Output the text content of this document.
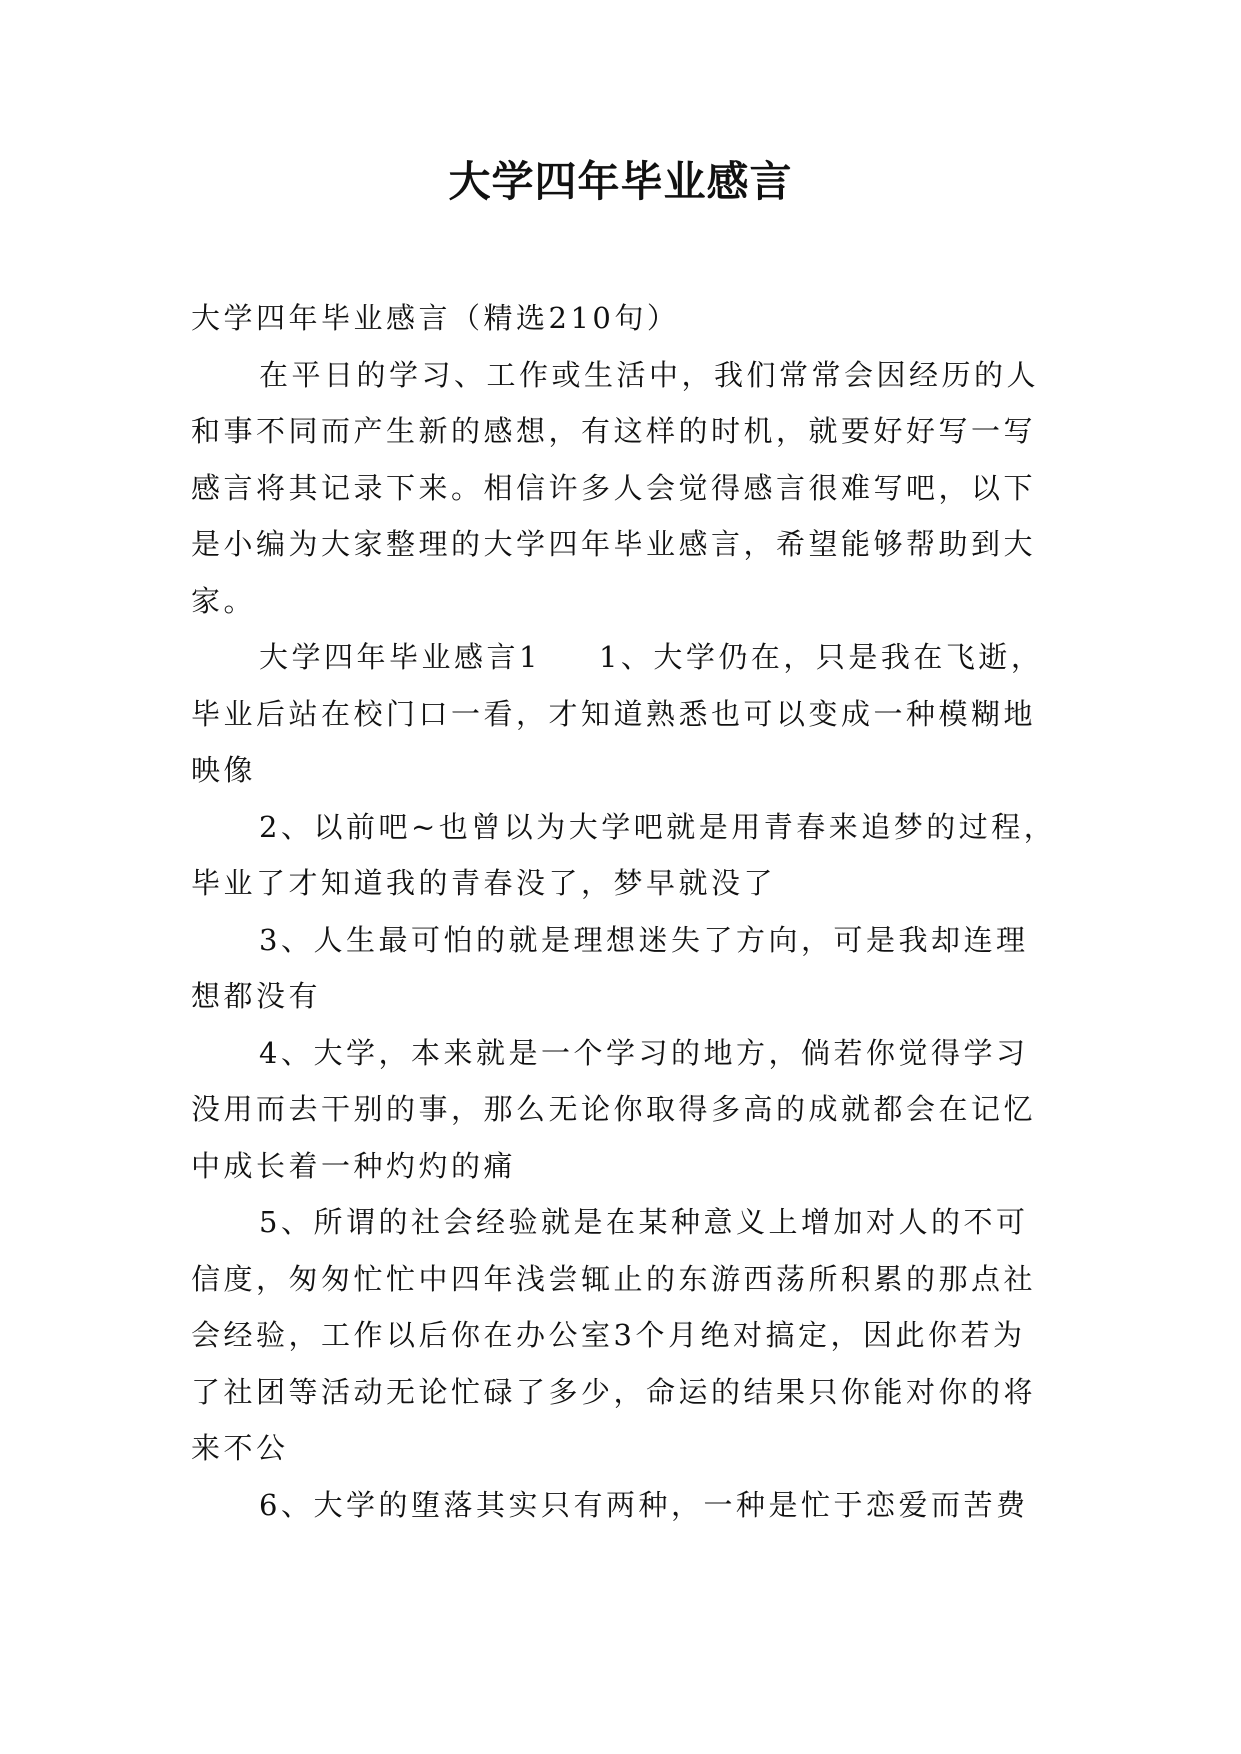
大学四年毕业感言
大学四年毕业感言（精选210句）
在平日的学习、工作或生活中，我们常常会因经历的人
和事不同而产生新的感想，有这样的时机，就要好好写一写
感言将其记录下来。相信许多人会觉得感言很难写吧，以下
是小编为大家整理的大学四年毕业感言，希望能够帮助到大
家。
大学四年毕业感言1 1、大学仍在，只是我在飞逝，
毕业后站在校门口一看，才知道熟悉也可以变成一种模糊地
映像
2、以前吧~也曾以为大学吧就是用青春来追梦的过程，
毕业了才知道我的青春没了，梦早就没了
3、人生最可怕的就是理想迷失了方向，可是我却连理
想都没有
4、大学，本来就是一个学习的地方，倘若你觉得学习
没用而去干别的事，那么无论你取得多高的成就都会在记忆
中成长着一种灼灼的痛
5、所谓的社会经验就是在某种意义上增加对人的不可
信度，匆匆忙忙中四年浅尝辄止的东游西荡所积累的那点社
会经验，工作以后你在办公室3个月绝对搞定，因此你若为
了社团等活动无论忙碌了多少，命运的结果只你能对你的将
来不公
6、大学的堕落其实只有两种，一种是忙于恋爱而苦费
